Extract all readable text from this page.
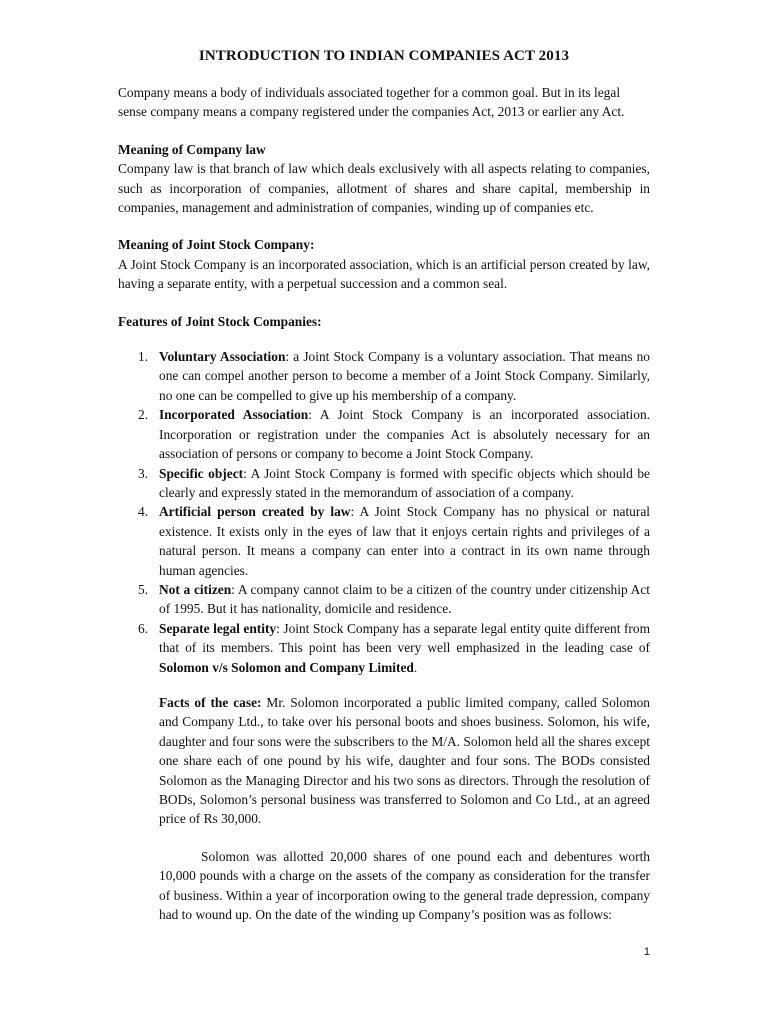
INTRODUCTION TO INDIAN COMPANIES ACT 2013

Company means a body of individuals associated together for a common goal. But in its legal sense company means a company registered under the companies Act, 2013 or earlier any Act.

Meaning of Company law

Company law is that branch of law which deals exclusively with all aspects relating to companies, such as incorporation of companies, allotment of shares and share capital, membership in companies, management and administration of companies, winding up of companies etc.

Meaning of Joint Stock Company:

A Joint Stock Company is an incorporated association, which is an artificial person created by law, having a separate entity, with a perpetual succession and a common seal.

Features of Joint Stock Companies:
1. Voluntary Association: a Joint Stock Company is a voluntary association. That means no one can compel another person to become a member of a Joint Stock Company. Similarly, no one can be compelled to give up his membership of a company.
2. Incorporated Association: A Joint Stock Company is an incorporated association. Incorporation or registration under the companies Act is absolutely necessary for an association of persons or company to become a Joint Stock Company.
3. Specific object: A Joint Stock Company is formed with specific objects which should be clearly and expressly stated in the memorandum of association of a company.
4. Artificial person created by law: A Joint Stock Company has no physical or natural existence. It exists only in the eyes of law that it enjoys certain rights and privileges of a natural person. It means a company can enter into a contract in its own name through human agencies.
5. Not a citizen: A company cannot claim to be a citizen of the country under citizenship Act of 1995. But it has nationality, domicile and residence.
6. Separate legal entity: Joint Stock Company has a separate legal entity quite different from that of its members. This point has been very well emphasized in the leading case of Solomon v/s Solomon and Company Limited.

Facts of the case: Mr. Solomon incorporated a public limited company, called Solomon and Company Ltd., to take over his personal boots and shoes business. Solomon, his wife, daughter and four sons were the subscribers to the M/A. Solomon held all the shares except one share each of one pound by his wife, daughter and four sons. The BODs consisted Solomon as the Managing Director and his two sons as directors. Through the resolution of BODs, Solomon’s personal business was transferred to Solomon and Co Ltd., at an agreed price of Rs 30,000.

Solomon was allotted 20,000 shares of one pound each and debentures worth 10,000 pounds with a charge on the assets of the company as consideration for the transfer of business. Within a year of incorporation owing to the general trade depression, company had to wound up. On the date of the winding up Company’s position was as follows:

1
